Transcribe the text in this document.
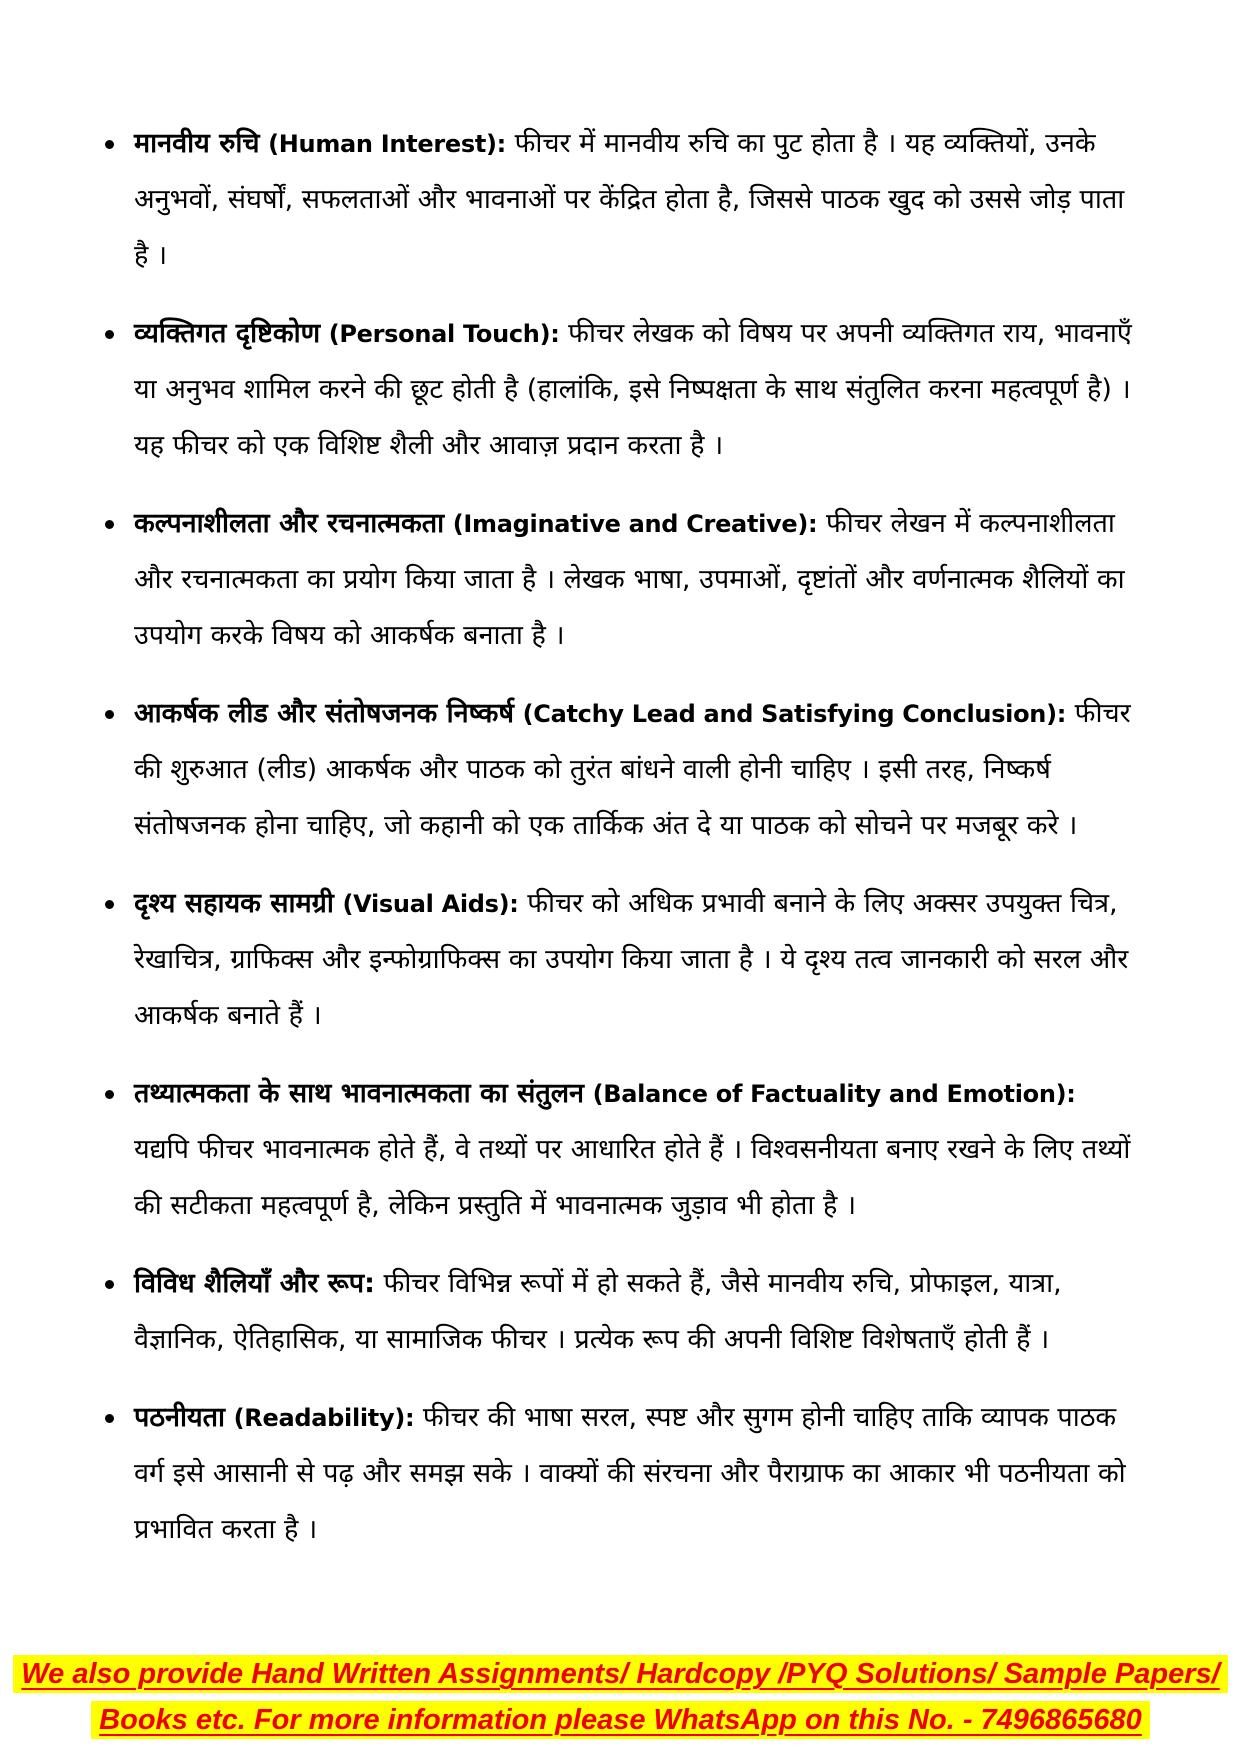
मानवीय रुचि (Human Interest): फीचर में मानवीय रुचि का पुट होता है । यह व्यक्तियों, उनके अनुभवों, संघर्षों, सफलताओं और भावनाओं पर केंद्रित होता है, जिससे पाठक खुद को उससे जोड़ पाता है ।
व्यक्तिगत दृष्टिकोण (Personal Touch): फीचर लेखक को विषय पर अपनी व्यक्तिगत राय, भावनाएँ या अनुभव शामिल करने की छूट होती है (हालांकि, इसे निष्पक्षता के साथ संतुलित करना महत्वपूर्ण है) । यह फीचर को एक विशिष्ट शैली और आवाज़ प्रदान करता है ।
कल्पनाशीलता और रचनात्मकता (Imaginative and Creative): फीचर लेखन में कल्पनाशीलता और रचनात्मकता का प्रयोग किया जाता है । लेखक भाषा, उपमाओं, दृष्टांतों और वर्णनात्मक शैलियों का उपयोग करके विषय को आकर्षक बनाता है ।
आकर्षक लीड और संतोषजनक निष्कर्ष (Catchy Lead and Satisfying Conclusion): फीचर की शुरुआत (लीड) आकर्षक और पाठक को तुरंत बांधने वाली होनी चाहिए । इसी तरह, निष्कर्ष संतोषजनक होना चाहिए, जो कहानी को एक तार्किक अंत दे या पाठक को सोचने पर मजबूर करे ।
दृश्य सहायक सामग्री (Visual Aids): फीचर को अधिक प्रभावी बनाने के लिए अक्सर उपयुक्त चित्र, रेखाचित्र, ग्राफिक्स और इन्फोग्राफिक्स का उपयोग किया जाता है । ये दृश्य तत्व जानकारी को सरल और आकर्षक बनाते हैं ।
तथ्यात्मकता के साथ भावनात्मकता का संतुलन (Balance of Factuality and Emotion): यद्यपि फीचर भावनात्मक होते हैं, वे तथ्यों पर आधारित होते हैं । विश्वसनीयता बनाए रखने के लिए तथ्यों की सटीकता महत्वपूर्ण है, लेकिन प्रस्तुति में भावनात्मक जुड़ाव भी होता है ।
विविध शैलियाँ और रूप: फीचर विभिन्न रूपों में हो सकते हैं, जैसे मानवीय रुचि, प्रोफाइल, यात्रा, वैज्ञानिक, ऐतिहासिक, या सामाजिक फीचर । प्रत्येक रूप की अपनी विशिष्ट विशेषताएँ होती हैं ।
पठनीयता (Readability): फीचर की भाषा सरल, स्पष्ट और सुगम होनी चाहिए ताकि व्यापक पाठक वर्ग इसे आसानी से पढ़ और समझ सके । वाक्यों की संरचना और पैराग्राफ का आकार भी पठनीयता को प्रभावित करता है ।
We also provide Hand Written Assignments/ Hardcopy /PYQ Solutions/ Sample Papers/
Books etc. For more information please WhatsApp on this No. - 7496865680
